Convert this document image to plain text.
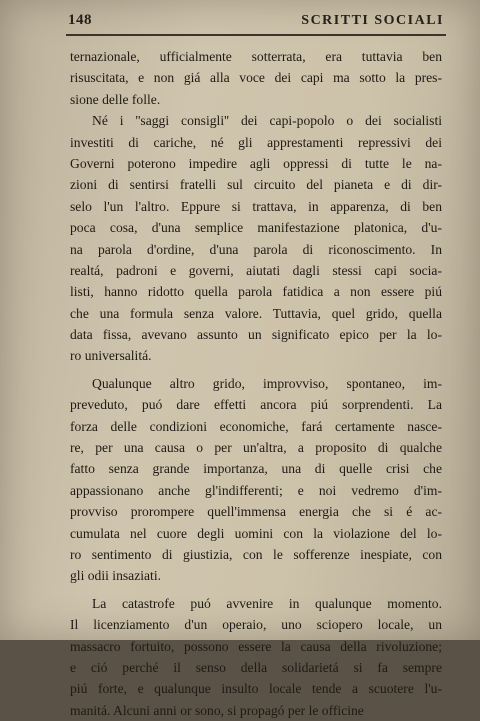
148	SCRITTI SOCIALI
ternazionale, ufficialmente sotterrata, era tuttavia ben
risuscitata, e non giá alla voce dei capi ma sotto la pres-
sione delle folle.
Né i ''saggi consigli'' dei capi-popolo o dei socialisti
investiti di cariche, né gli apprestamenti repressivi dei
Governi poterono impedire agli oppressi di tutte le na-
zioni di sentirsi fratelli sul circuito del pianeta e di dir-
selo l'un l'altro. Eppure si trattava, in apparenza, di ben
poca cosa, d'una semplice manifestazione platonica, d'u-
na parola d'ordine, d'una parola di riconoscimento. In
realtá, padroni e governi, aiutati dagli stessi capi socia-
listi, hanno ridotto quella parola fatidica a non essere piú
che una formula senza valore. Tuttavia, quel grido, quella
data fissa, avevano assunto un significato epico per la lo-
ro universalitá.
Qualunque altro grido, improvviso, spontaneo, im-
preveduto, puó dare effetti ancora piú sorprendenti. La
forza delle condizioni economiche, fará certamente nasce-
re, per una causa o per un'altra, a proposito di qualche
fatto senza grande importanza, una di quelle crisi che
appassionano anche gl'indifferenti; e noi vedremo d'im-
provviso prorompere quell'immensa energia che si é ac-
cumulata nel cuore degli uomini con la violazione del lo-
ro sentimento di giustizia, con le sofferenze inespiate, con
gli odii insaziati.
La catastrofe puó avvenire in qualunque momento.
Il licenziamento d'un operaio, uno sciopero locale, un
massacro fortuito, possono essere la causa della rivoluzione;
e ció perché il senso della solidarietá si fa sempre
piú forte, e qualunque insulto locale tende a scuotere l'u-
manitá. Alcuni anni or sono, si propagó per le officine
